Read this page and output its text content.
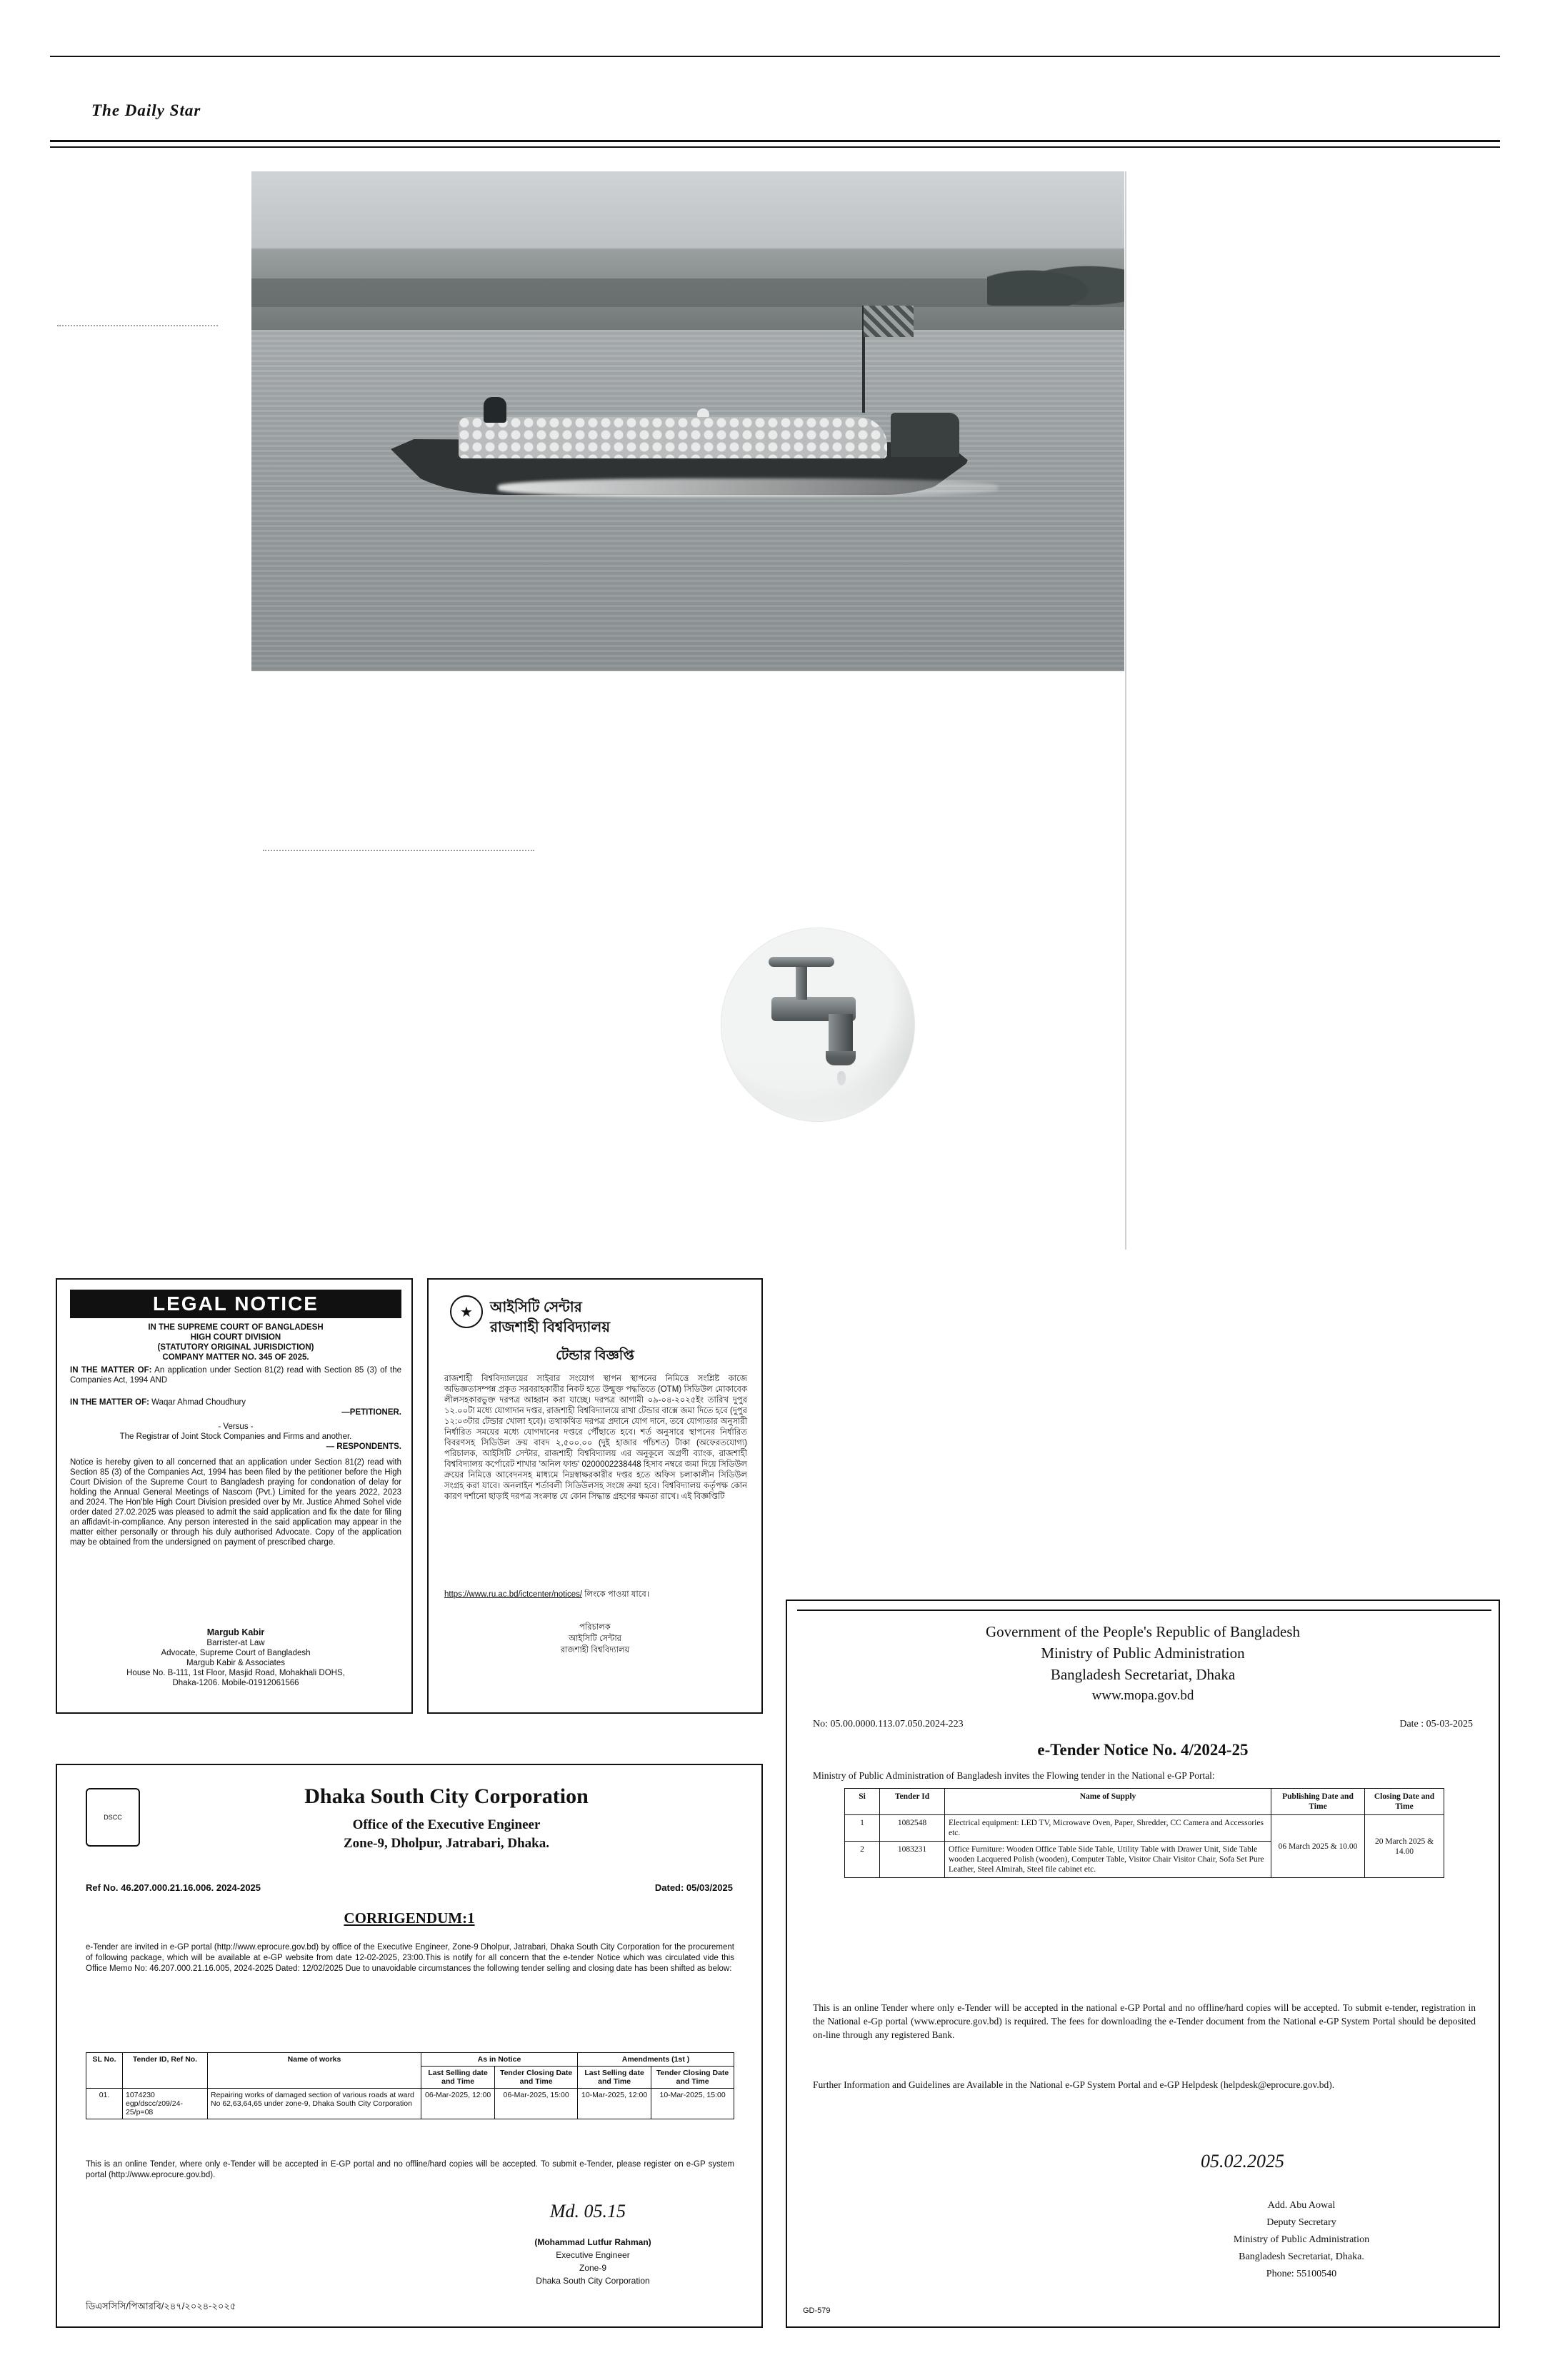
The Daily Star
LEGAL NOTICE
IN THE SUPREME COURT OF BANGLADESH
HIGH COURT DIVISION
(STATUTORY ORIGINAL JURISDICTION)
COMPANY MATTER NO. 345 OF 2025.
IN THE MATTER OF: An application under Section 81(2) read with Section 85 (3) of the Companies Act, 1994 AND
IN THE MATTER OF: Waqar Ahmad Choudhury
—PETITIONER.
- Versus -
The Registrar of Joint Stock Companies and Firms and another.
— RESPONDENTS.
Notice is hereby given to all concerned that an application under Section 81(2) read with Section 85 (3) of the Companies Act, 1994 has been filed by the petitioner before the High Court Division of the Supreme Court to Bangladesh praying for condonation of delay for holding the Annual General Meetings of Nascom (Pvt.) Limited for the years 2022, 2023 and 2024. The Hon'ble High Court Division presided over by Mr. Justice Ahmed Sohel vide order dated 27.02.2025 was pleased to admit the said application and fix the date for filing an affidavit-in-compliance. Any person interested in the said application may appear in the matter either personally or through his duly authorised Advocate. Copy of the application may be obtained from the undersigned on payment of prescribed charge.
Margub Kabir
Barrister-at Law
Advocate, Supreme Court of Bangladesh
Margub Kabir & Associates
House No. B-111, 1st Floor, Masjid Road, Mohakhali DOHS,
Dhaka-1206. Mobile-01912061566
★	আইসিটি সেন্টার
রাজশাহী বিশ্ববিদ্যালয়
টেন্ডার বিজ্ঞপ্তি
রাজশাহী বিশ্ববিদ্যালয়ের সাইবার সংযোগ স্থাপন স্থাপনের নিমিত্তে সংশ্লিষ্ট কাজে অভিজ্ঞতাসম্পন্ন প্রকৃত সরবরাহকারীর নিকট হতে উন্মুক্ত পদ্ধতিতে (OTM) সিডিউল মোকাবেক লীলসহকারভুক্ত দরপত্র আহ্বান করা যাচ্ছে। দরপত্র আগামী ০৯-০৪-২০২৫ইং তারিখ দুপুর ১২.০০টা মধ্যে যোগাদান দপ্তর, রাজশাহী বিশ্ববিদ্যালয়ে রাখা টেন্ডার বাক্সে জমা দিতে হবে (দুপুর ১২:০৩টার টেন্ডার খোলা হবে)। তথাকথিত দরপত্র প্রদানে যোগ দানে, তবে যোগ্যতার অনুসারী নির্ধারিত সময়ের মধ্যে যোগদানের দপ্তরে পৌঁছাতে হবে। শর্ত অনুসারে স্থাপনের নির্ধারিত বিবরণসহ সিডিউল ক্রয় বাবদ ২,৫০০.০০ (দুই হাজার পাঁচশত) টাকা (অফেরতযোগ্য) পরিচালক, আইসিটি সেন্টার, রাজশাহী বিশ্ববিদ্যালয় এর অনুকূলে অগ্রণী ব্যাংক, রাজশাহী বিশ্ববিদ্যালয় কর্পোরেট শাখার 'অনিল ফান্ড' 0200002238448 হিসাব নম্বরে জমা দিয়ে সিডিউল ক্রয়ের নিমিত্তে আবেদনসহ মাধ্যমে নিম্নস্বাক্ষরকারীর দপ্তর হতে অফিস চলাকালীন সিডিউল সংগ্রহ করা যাবে। অনলাইন শর্তাবলী সিডিউলসহ সংঙ্গে ক্রয়া হবে। বিশ্ববিদ্যালয় কর্তৃপক্ষ কোন কারণ দর্শানো ছাড়াই দরপত্র সংক্রান্ত যে কোন সিদ্ধান্ত গ্রহণের ক্ষমতা রাখে। এই বিজ্ঞপ্তিটি
https://www.ru.ac.bd/ictcenter/notices/ লিংকে পাওয়া যাবে।
পরিচালক
আইসিটি সেন্টার
রাজশাহী বিশ্ববিদ্যালয়
DSCC
Dhaka South City Corporation
Office of the Executive Engineer
Zone-9, Dholpur, Jatrabari, Dhaka.
Ref No. 46.207.000.21.16.006. 2024-2025	Dated: 05/03/2025
CORRIGENDUM:1
e-Tender are invited in e-GP portal (http://www.eprocure.gov.bd) by office of the Executive Engineer, Zone-9 Dholpur, Jatrabari, Dhaka South City Corporation for the procurement of following package, which will be available at e-GP website from date 12-02-2025, 23:00.This is notify for all concern that the e-tender Notice which was circulated vide this Office Memo No: 46.207.000.21.16.005, 2024-2025 Dated: 12/02/2025 Due to unavoidable circumstances the following tender selling and closing date has been shifted as below:
SL No.	Tender ID, Ref No.	Name of works	As in Notice		Amendments (1st )	
			Last Selling date and Time	Tender Closing Date and Time	Last Selling date and Time	Tender Closing Date and Time
01.	1074230 egp/dscc/z09/24-25/p=08	Repairing works of damaged section of various roads at ward No 62,63,64,65 under zone-9, Dhaka South City Corporation	06-Mar-2025, 12:00	06-Mar-2025, 15:00	10-Mar-2025, 12:00	10-Mar-2025, 15:00
This is an online Tender, where only e-Tender will be accepted in E-GP portal and no offline/hard copies will be accepted. To submit e-Tender, please register on e-GP system portal (http://www.eprocure.gov.bd).
Md. 05.15
(Mohammad Lutfur Rahman)
Executive Engineer
Zone-9
Dhaka South City Corporation
ডিএসসিসি/পিআরবি/২৪৭/২০২৪-২০২৫
Government of the People's Republic of Bangladesh
Ministry of Public Administration
Bangladesh Secretariat, Dhaka
www.mopa.gov.bd
No: 05.00.0000.113.07.050.2024-223	Date : 05-03-2025
e-Tender Notice No. 4/2024-25
Ministry of Public Administration of Bangladesh invites the Flowing tender in the National e-GP Portal:
Si	Tender Id	Name of Supply	Publishing Date and Time	Closing Date and Time
1	1082548	Electrical equipment: LED TV, Microwave Oven, Paper, Shredder, CC Camera and Accessories etc.	06 March 2025 & 10.00	20 March 2025 & 14.00
2	1083231	Office Furniture: Wooden Office Table Side Table, Utility Table with Drawer Unit, Side Table wooden Lacquered Polish (wooden), Computer Table, Visitor Chair Visitor Chair, Sofa Set Pure Leather, Steel Almirah, Steel file cabinet etc.		
This is an online Tender where only e-Tender will be accepted in the national e-GP Portal and no offline/hard copies will be accepted. To submit e-tender, registration in the National e-Gp portal (www.eprocure.gov.bd) is required. The fees for downloading the e-Tender document from the National e-GP System Portal should be deposited on-line through any registered Bank.
Further Information and Guidelines are Available in the National e-GP System Portal and e-GP Helpdesk (helpdesk@eprocure.gov.bd).
05.02.2025
Add. Abu Aowal
Deputy Secretary
Ministry of Public Administration
Bangladesh Secretariat, Dhaka.
Phone: 55100540
GD-579
